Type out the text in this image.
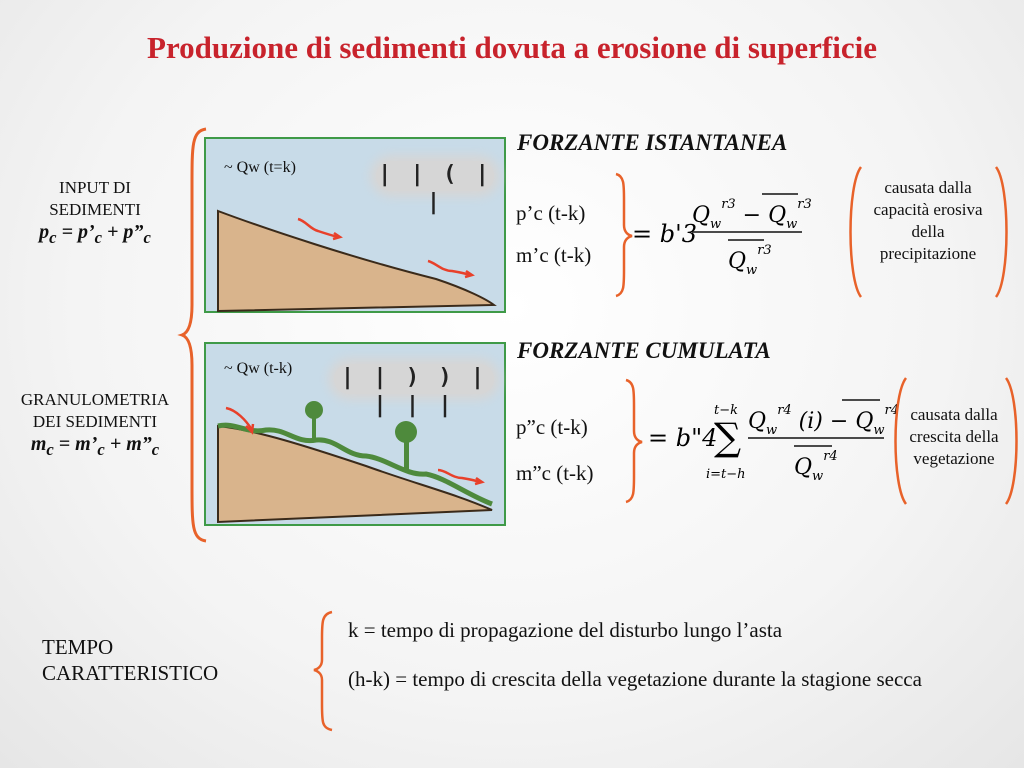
Produzione di sedimenti dovuta a erosione di superficie
INPUT DI
SEDIMENTI
$p_c$ = $p’_c$ + $p”_c$
GRANULOMETRIA
DEI SEDIMENTI
$m_c$ = $m’_c$ + $m”_c$
~ Qw (t=k)	| | ( | |
~ Qw (t-k)	| | ) ) | | | |
FORZANTE ISTANTANEA
p’c (t-k)
m’c (t-k)
= b'3
$Q_w^{r3} - Q_w^{r3}$
$Q_w^{r3}$
causata dalla
capacità erosiva
della
precipitazione
FORZANTE CUMULATA
p”c (t-k)
m”c (t-k)
= b"4
t−k
∑
i=t−h
$Q_w^{r4}$ $(i) - Q_w^{r4}$
$Q_w^{r4}$
causata dalla
crescita della
vegetazione
TEMPO
CARATTERISTICO
k = tempo di propagazione del disturbo lungo l’asta
(h-k) = tempo di crescita della vegetazione durante la stagione secca
